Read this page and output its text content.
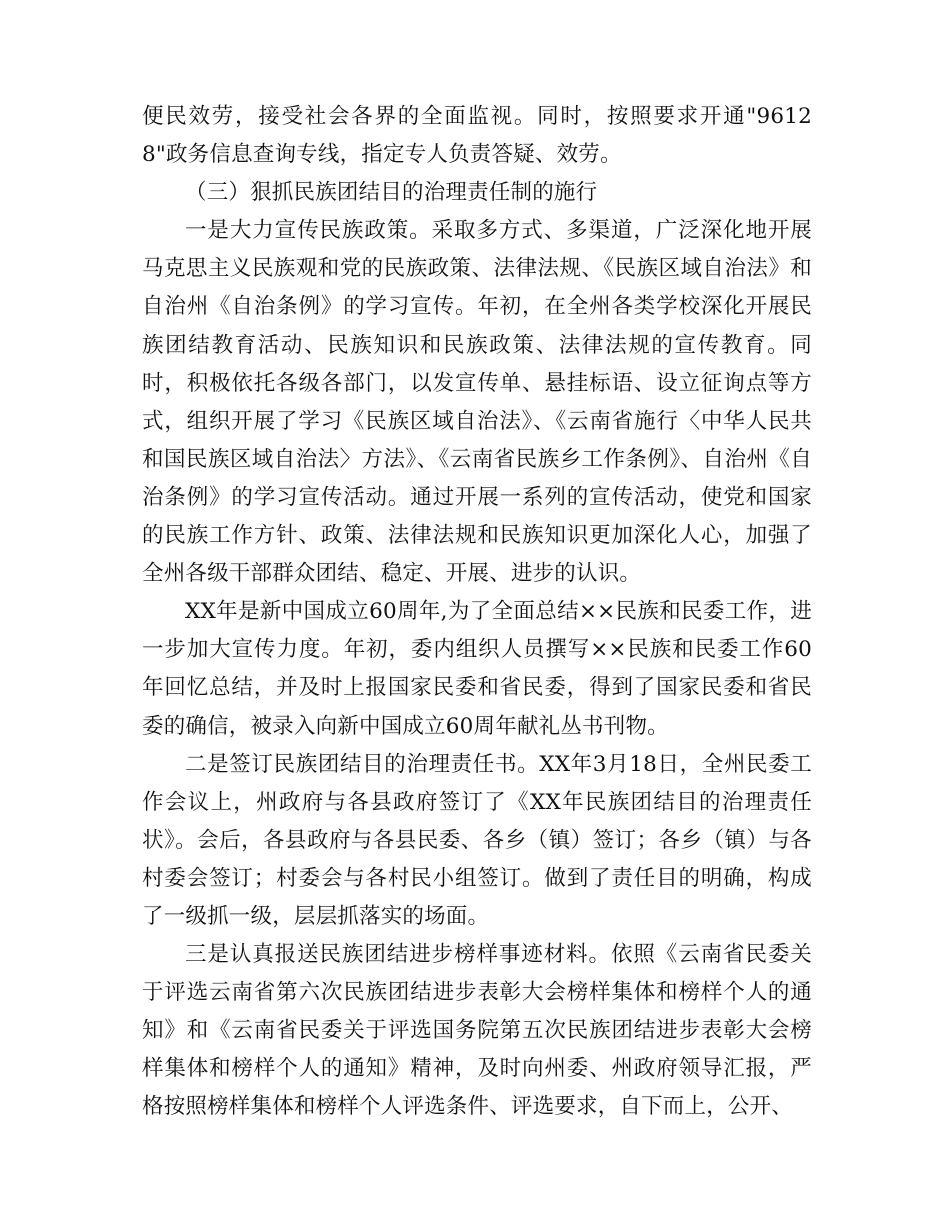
便民效劳，接受社会各界的全面监视。同时，按照要求开通"96128"政务信息查询专线，指定专人负责答疑、效劳。

（三）狠抓民族团结目的治理责任制的施行

一是大力宣传民族政策。采取多方式、多渠道，广泛深化地开展马克思主义民族观和党的民族政策、法律法规、《民族区域自治法》和自治州《自治条例》的学习宣传。年初，在全州各类学校深化开展民族团结教育活动、民族知识和民族政策、法律法规的宣传教育。同时，积极依托各级各部门，以发宣传单、悬挂标语、设立征询点等方式，组织开展了学习《民族区域自治法》、《云南省施行〈中华人民共和国民族区域自治法〉方法》、《云南省民族乡工作条例》、自治州《自治条例》的学习宣传活动。通过开展一系列的宣传活动，使党和国家的民族工作方针、政策、法律法规和民族知识更加深化人心，加强了全州各级干部群众团结、稳定、开展、进步的认识。

XX年是新中国成立60周年,为了全面总结××民族和民委工作，进一步加大宣传力度。年初，委内组织人员撰写××民族和民委工作60年回忆总结，并及时上报国家民委和省民委，得到了国家民委和省民委的确信，被录入向新中国成立60周年献礼丛书刊物。

二是签订民族团结目的治理责任书。XX年3月18日，全州民委工作会议上，州政府与各县政府签订了《XX年民族团结目的治理责任状》。会后，各县政府与各县民委、各乡（镇）签订；各乡（镇）与各村委会签订；村委会与各村民小组签订。做到了责任目的明确，构成了一级抓一级，层层抓落实的场面。

三是认真报送民族团结进步榜样事迹材料。依照《云南省民委关于评选云南省第六次民族团结进步表彰大会榜样集体和榜样个人的通知》和《云南省民委关于评选国务院第五次民族团结进步表彰大会榜样集体和榜样个人的通知》精神，及时向州委、州政府领导汇报，严格按照榜样集体和榜样个人评选条件、评选要求，自下而上，公开、
